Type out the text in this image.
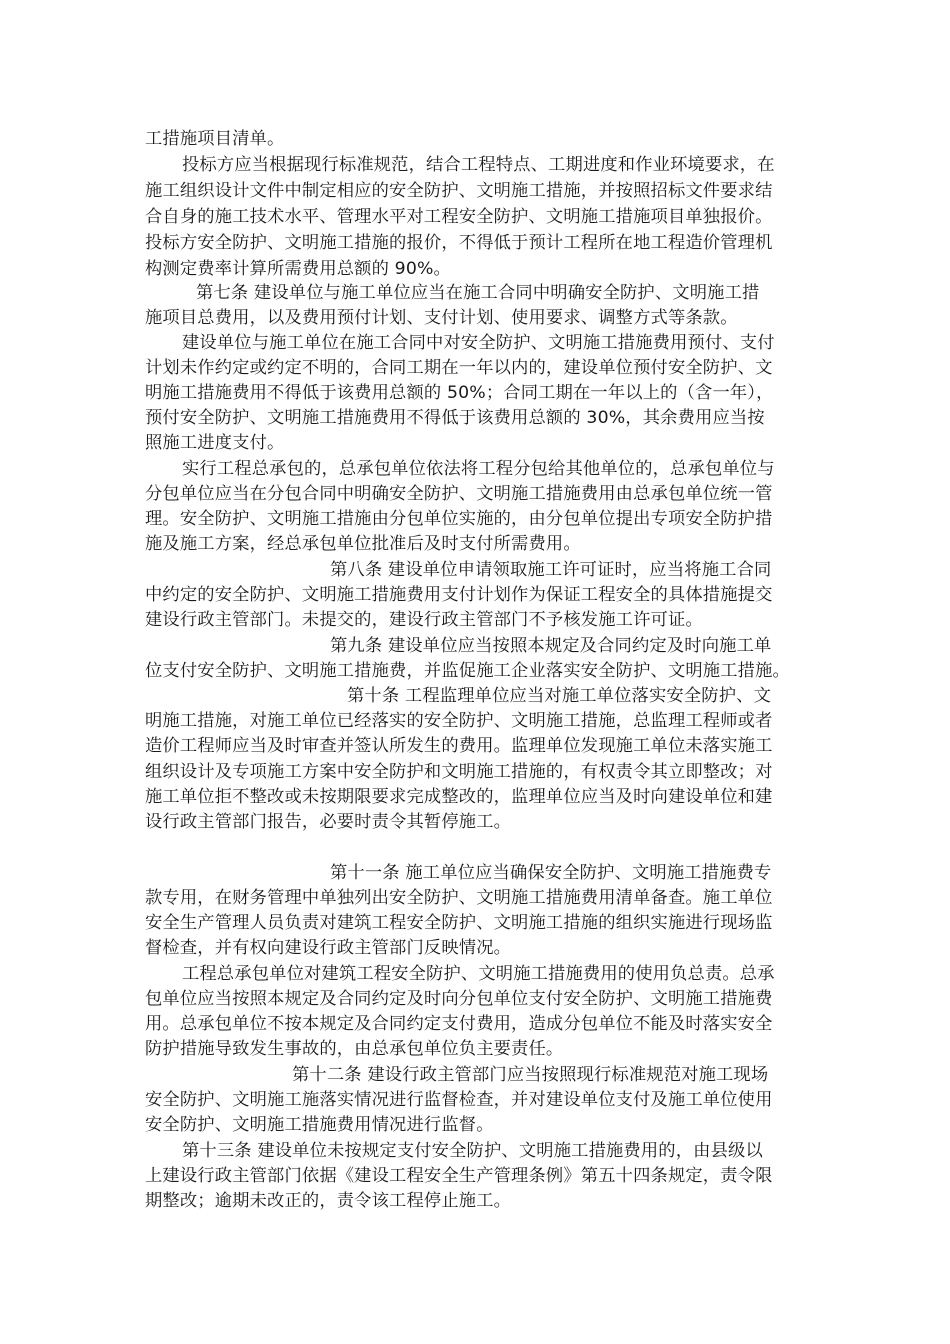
工措施项目清单。
投标方应当根据现行标准规范，结合工程特点、工期进度和作业环境要求，在
施工组织设计文件中制定相应的安全防护、文明施工措施，并按照招标文件要求结
合自身的施工技术水平、管理水平对工程安全防护、文明施工措施项目单独报价。
投标方安全防护、文明施工措施的报价，不得低于预计工程所在地工程造价管理机
构测定费率计算所需费用总额的 90%。
第七条 建设单位与施工单位应当在施工合同中明确安全防护、文明施工措
施项目总费用，以及费用预付计划、支付计划、使用要求、调整方式等条款。
建设单位与施工单位在施工合同中对安全防护、文明施工措施费用预付、支付
计划未作约定或约定不明的，合同工期在一年以内的，建设单位预付安全防护、文
明施工措施费用不得低于该费用总额的 50%；合同工期在一年以上的（含一年），
预付安全防护、文明施工措施费用不得低于该费用总额的 30%，其余费用应当按
照施工进度支付。
实行工程总承包的，总承包单位依法将工程分包给其他单位的，总承包单位与
分包单位应当在分包合同中明确安全防护、文明施工措施费用由总承包单位统一管
理。安全防护、文明施工措施由分包单位实施的，由分包单位提出专项安全防护措
施及施工方案，经总承包单位批准后及时支付所需费用。
第八条 建设单位申请领取施工许可证时，应当将施工合同
中约定的安全防护、文明施工措施费用支付计划作为保证工程安全的具体措施提交
建设行政主管部门。未提交的，建设行政主管部门不予核发施工许可证。
第九条 建设单位应当按照本规定及合同约定及时向施工单
位支付安全防护、文明施工措施费，并监促施工企业落实安全防护、文明施工措施。
第十条 工程监理单位应当对施工单位落实安全防护、文
明施工措施，对施工单位已经落实的安全防护、文明施工措施，总监理工程师或者
造价工程师应当及时审查并签认所发生的费用。监理单位发现施工单位未落实施工
组织设计及专项施工方案中安全防护和文明施工措施的，有权责令其立即整改；对
施工单位拒不整改或未按期限要求完成整改的，监理单位应当及时向建设单位和建
设行政主管部门报告，必要时责令其暂停施工。
第十一条 施工单位应当确保安全防护、文明施工措施费专
款专用，在财务管理中单独列出安全防护、文明施工措施费用清单备查。施工单位
安全生产管理人员负责对建筑工程安全防护、文明施工措施的组织实施进行现场监
督检查，并有权向建设行政主管部门反映情况。
工程总承包单位对建筑工程安全防护、文明施工措施费用的使用负总责。总承
包单位应当按照本规定及合同约定及时向分包单位支付安全防护、文明施工措施费
用。总承包单位不按本规定及合同约定支付费用，造成分包单位不能及时落实安全
防护措施导致发生事故的，由总承包单位负主要责任。
第十二条 建设行政主管部门应当按照现行标准规范对施工现场
安全防护、文明施工施落实情况进行监督检查，并对建设单位支付及施工单位使用
安全防护、文明施工措施费用情况进行监督。
第十三条 建设单位未按规定支付安全防护、文明施工措施费用的，由县级以
上建设行政主管部门依据《建设工程安全生产管理条例》第五十四条规定，责令限
期整改；逾期未改正的，责令该工程停止施工。
